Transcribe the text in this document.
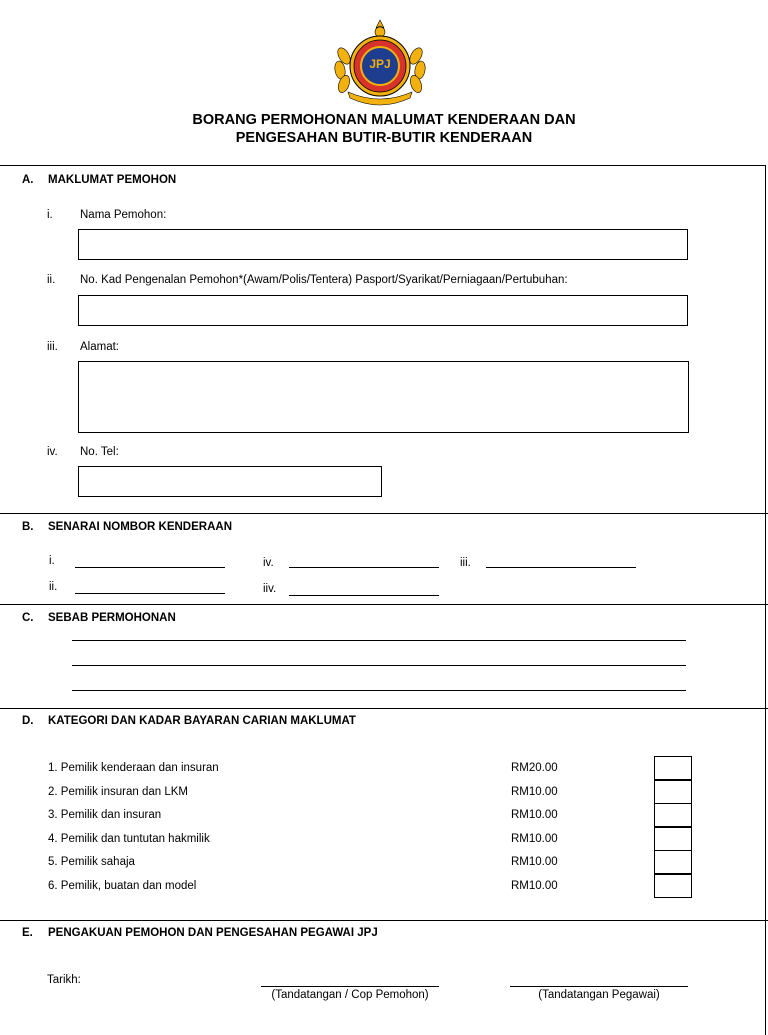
JPJ
BORANG PERMOHONAN MALUMAT KENDERAAN DAN
PENGESAHAN BUTIR-BUTIR KENDERAAN
A. MAKLUMAT PEMOHON
i. Nama Pemohon:
ii. No. Kad Pengenalan Pemohon*(Awam/Polis/Tentera) Pasport/Syarikat/Perniagaan/Pertubuhan:
iii. Alamat:
iv. No. Tel:
B. SENARAI NOMBOR KENDERAAN
i.	iv.	iii.
ii.	iiv.
C. SEBAB PERMOHONAN
D. KATEGORI DAN KADAR BAYARAN CARIAN MAKLUMAT
1. Pemilik kenderaan dan insuran	RM20.00
2. Pemilik insuran dan LKM	RM10.00
3. Pemilik dan insuran	RM10.00
4. Pemilik dan tuntutan hakmilik	RM10.00
5. Pemilik sahaja	RM10.00
6. Pemilik, buatan dan model	RM10.00
E. PENGAKUAN PEMOHON DAN PENGESAHAN PEGAWAI JPJ
Tarikh:
(Tandatangan / Cop Pemohon)	(Tandatangan Pegawai)
